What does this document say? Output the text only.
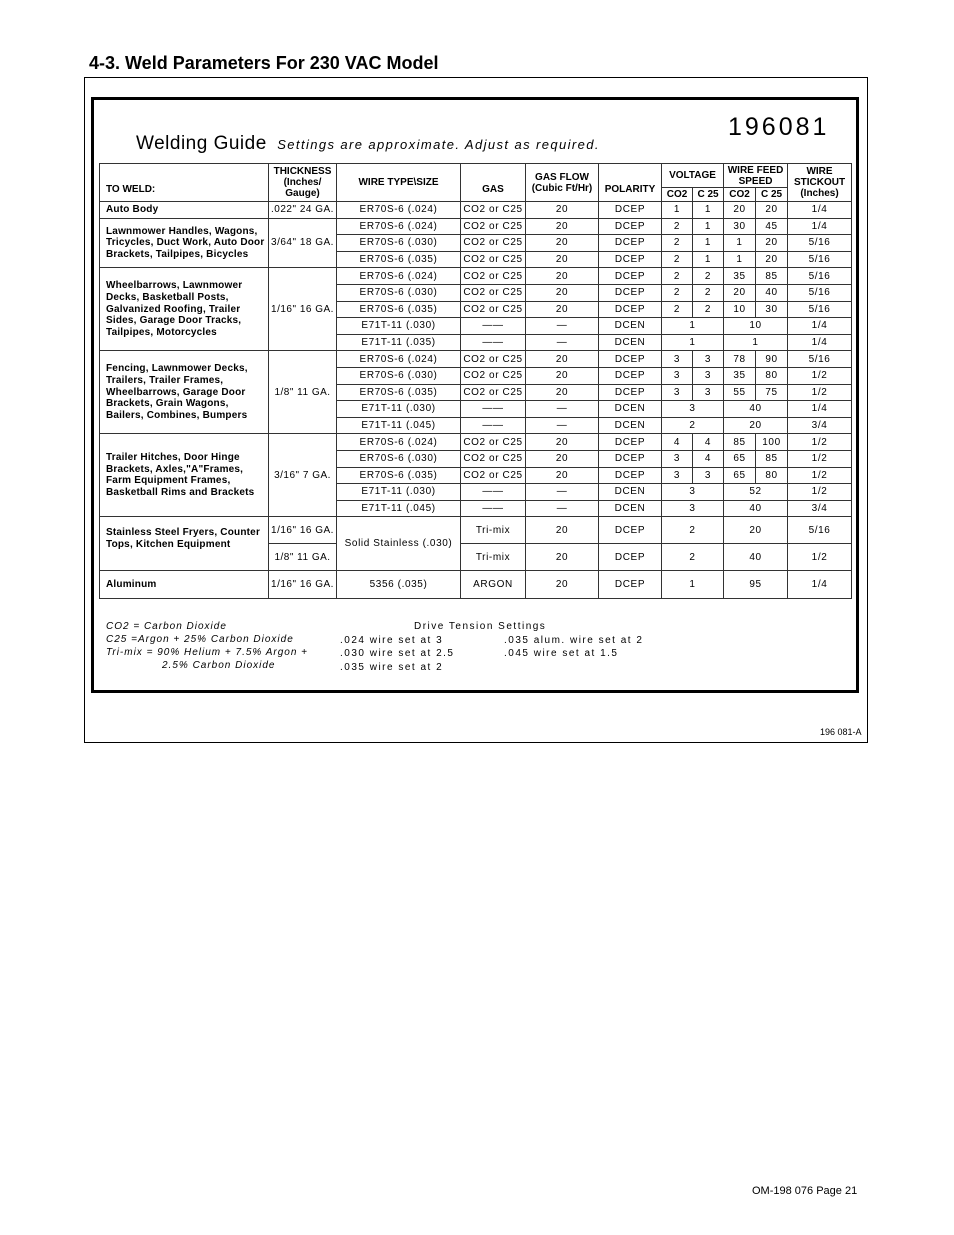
4-3. Weld Parameters For 230 VAC Model
Welding Guide Settings are approximate. Adjust as required.
196081
TO WELD:	THICKNESS (Inches/ Gauge)	WIRE TYPE\SIZE	GAS	GAS FLOW (Cubic Ft/Hr)	POLARITY	VOLTAGE		WIRE FEED SPEED		WIRE STICKOUT (Inches)
						CO2	C 25	CO2	C 25	
Auto Body	.022" 24 GA.	ER70S-6 (.024)	CO2 or C25	20	DCEP	1	1	20	20	1/4
Lawnmower Handles, Wagons, Tricycles, Duct Work, Auto Door Brackets, Tailpipes, Bicycles	3/64" 18 GA.	ER70S-6 (.024)	CO2 or C25	20	DCEP	2	1	30	45	1/4
		ER70S-6 (.030)	CO2 or C25	20	DCEP	2	1	1	20	5/16
		ER70S-6 (.035)	CO2 or C25	20	DCEP	2	1	1	20	5/16
Wheelbarrows, Lawnmower Decks, Basketball Posts, Galvanized Roofing, Trailer Sides, Garage Door Tracks, Tailpipes, Motorcycles	1/16" 16 GA.	ER70S-6 (.024)	CO2 or C25	20	DCEP	2	2	35	85	5/16
		ER70S-6 (.030)	CO2 or C25	20	DCEP	2	2	20	40	5/16
		ER70S-6 (.035)	CO2 or C25	20	DCEP	2	2	10	30	5/16
		E71T-11 (.030)	——	—	DCEN	1		10		1/4
		E71T-11 (.035)	——	—	DCEN	1		1		1/4
Fencing, Lawnmower Decks, Trailers, Trailer Frames, Wheelbarrows, Garage Door Brackets, Grain Wagons, Bailers, Combines, Bumpers	1/8" 11 GA.	ER70S-6 (.024)	CO2 or C25	20	DCEP	3	3	78	90	5/16
		ER70S-6 (.030)	CO2 or C25	20	DCEP	3	3	35	80	1/2
		ER70S-6 (.035)	CO2 or C25	20	DCEP	3	3	55	75	1/2
		E71T-11 (.030)	——	—	DCEN	3		40		1/4
		E71T-11 (.045)	——	—	DCEN	2		20		3/4
Trailer Hitches, Door Hinge Brackets, Axles,"A"Frames, Farm Equipment Frames, Basketball Rims and Brackets	3/16" 7 GA.	ER70S-6 (.024)	CO2 or C25	20	DCEP	4	4	85	100	1/2
		ER70S-6 (.030)	CO2 or C25	20	DCEP	3	4	65	85	1/2
		ER70S-6 (.035)	CO2 or C25	20	DCEP	3	3	65	80	1/2
		E71T-11 (.030)	——	—	DCEN	3		52		1/2
		E71T-11 (.045)	——	—	DCEN	3		40		3/4
Stainless Steel Fryers, Counter Tops, Kitchen Equipment	1/16" 16 GA.	Solid Stainless (.030)	Tri-mix	20	DCEP	2		20		5/16
	1/8" 11 GA.		Tri-mix	20	DCEP	2		40		1/2
Aluminum	1/16" 16 GA.	5356 (.035)	ARGON	20	DCEP	1		95		1/4
CO2 = Carbon Dioxide
C25 =Argon + 25% Carbon Dioxide
Tri-mix = 90% Helium + 7.5% Argon +
2.5% Carbon Dioxide
Drive Tension Settings
.024 wire set at 3	.035 alum. wire set at 2
.030 wire set at 2.5	.045 wire set at 1.5
.035 wire set at 2
196 081-A
OM-198 076 Page 21
